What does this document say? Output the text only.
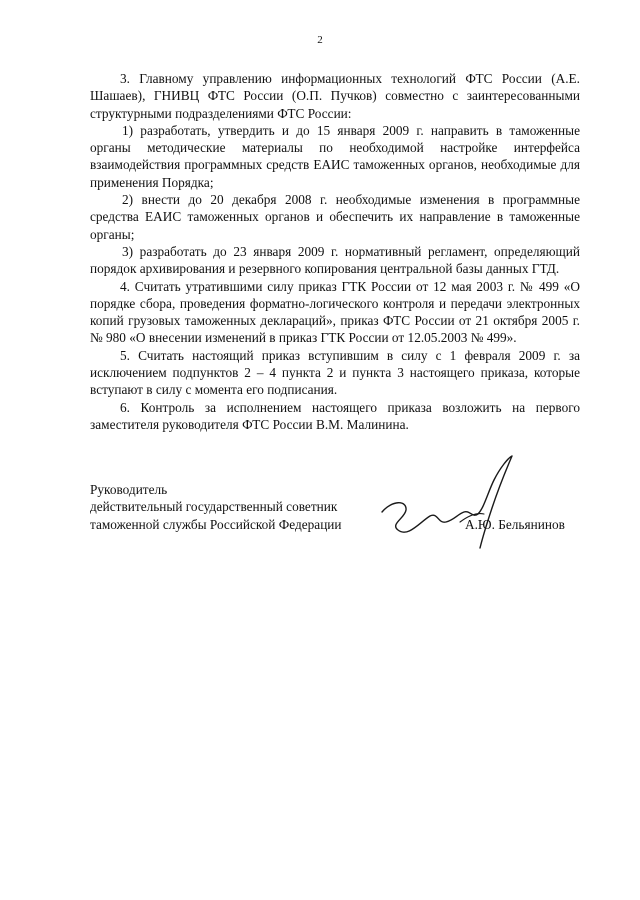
2

3. Главному управлению информационных технологий ФТС России (А.Е. Шашаев), ГНИВЦ ФТС России (О.П. Пучков) совместно с заинтересованными структурными подразделениями ФТС России:

1) разработать, утвердить и до 15 января 2009 г. направить в таможенные органы методические материалы по необходимой настройке интерфейса взаимодействия программных средств ЕАИС таможенных органов, необходимые для применения Порядка;

2) внести до 20 декабря 2008 г. необходимые изменения в программные средства ЕАИС таможенных органов и обеспечить их направление в таможенные органы;

3) разработать до 23 января 2009 г. нормативный регламент, определяющий порядок архивирования и резервного копирования центральной базы данных ГТД.

4. Считать утратившими силу приказ ГТК России от 12 мая 2003 г. № 499 «О порядке сбора, проведения форматно-логического контроля и передачи электронных копий грузовых таможенных деклараций», приказ ФТС России от 21 октября 2005 г. № 980 «О внесении изменений в приказ ГТК России от 12.05.2003 № 499».

5. Считать настоящий приказ вступившим в силу с 1 февраля 2009 г. за исключением подпунктов 2 – 4 пункта 2 и пункта 3 настоящего приказа, которые вступают в силу с момента его подписания.

6. Контроль за исполнением настоящего приказа возложить на первого заместителя руководителя ФТС России В.М. Малинина.

Руководитель
действительный государственный советник
таможенной службы Российской Федерации	А.Ю. Бельянинов
